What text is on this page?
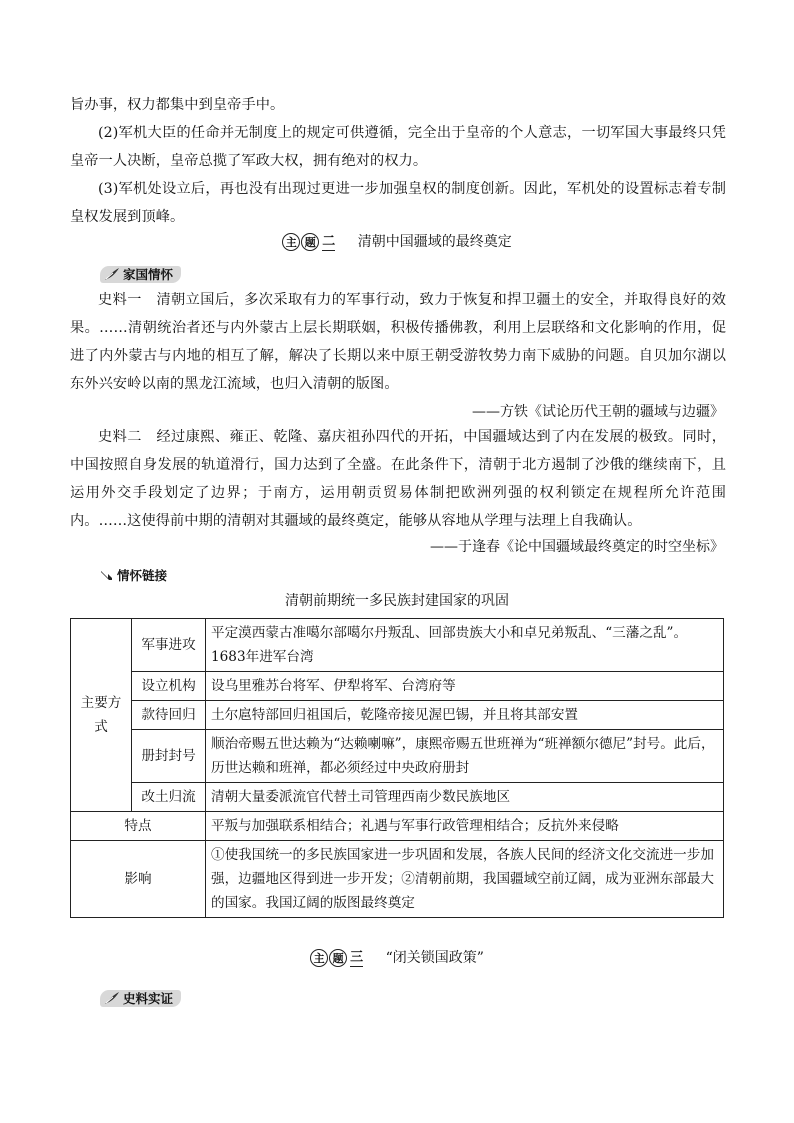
旨办事，权力都集中到皇帝手中。

(2)军机大臣的任命并无制度上的规定可供遵循，完全出于皇帝的个人意志，一切军国大事最终只凭皇帝一人决断，皇帝总揽了军政大权，拥有绝对的权力。

(3)军机处设立后，再也没有出现过更进一步加强皇权的制度创新。因此，军机处的设置标志着专制皇权发展到顶峰。

主 题 二 清朝中国疆域的最终奠定
家国情怀

史料一　清朝立国后，多次采取有力的军事行动，致力于恢复和捍卫疆土的安全，并取得良好的效果。……清朝统治者还与内外蒙古上层长期联姻，积极传播佛教，利用上层联络和文化影响的作用，促进了内外蒙古与内地的相互了解，解决了长期以来中原王朝受游牧势力南下威胁的问题。自贝加尔湖以东外兴安岭以南的黑龙江流域，也归入清朝的版图。

——方铁《试论历代王朝的疆域与边疆》

史料二　经过康熙、雍正、乾隆、嘉庆祖孙四代的开拓，中国疆域达到了内在发展的极致。同时，中国按照自身发展的轨道滑行，国力达到了全盛。在此条件下，清朝于北方遏制了沙俄的继续南下，且运用外交手段划定了边界；于南方，运用朝贡贸易体制把欧洲列强的权利锁定在规程所允许范围内。……这使得前中期的清朝对其疆域的最终奠定，能够从容地从学理与法理上自我确认。

——于逢春《论中国疆域最终奠定的时空坐标》
情怀链接
清朝前期统一多民族封建国家的巩固
主要方式	军事进攻	平定漠西蒙古准噶尔部噶尔丹叛乱、回部贵族大小和卓兄弟叛乱、“三藩之乱”。1683年进军台湾
	设立机构	设乌里雅苏台将军、伊犁将军、台湾府等
	款待回归	土尔扈特部回归祖国后，乾隆帝接见渥巴锡，并且将其部安置
	册封封号	顺治帝赐五世达赖为“达赖喇嘛”，康熙帝赐五世班禅为“班禅额尔德尼”封号。此后，历世达赖和班禅，都必须经过中央政府册封
	改土归流	清朝大量委派流官代替土司管理西南少数民族地区
特点		平叛与加强联系相结合；礼遇与军事行政管理相结合；反抗外来侵略
影响		①使我国统一的多民族国家进一步巩固和发展，各族人民间的经济文化交流进一步加强，边疆地区得到进一步开发；②清朝前期，我国疆域空前辽阔，成为亚洲东部最大的国家。我国辽阔的版图最终奠定
主 题 三 “闭关锁国政策”
史料实证
